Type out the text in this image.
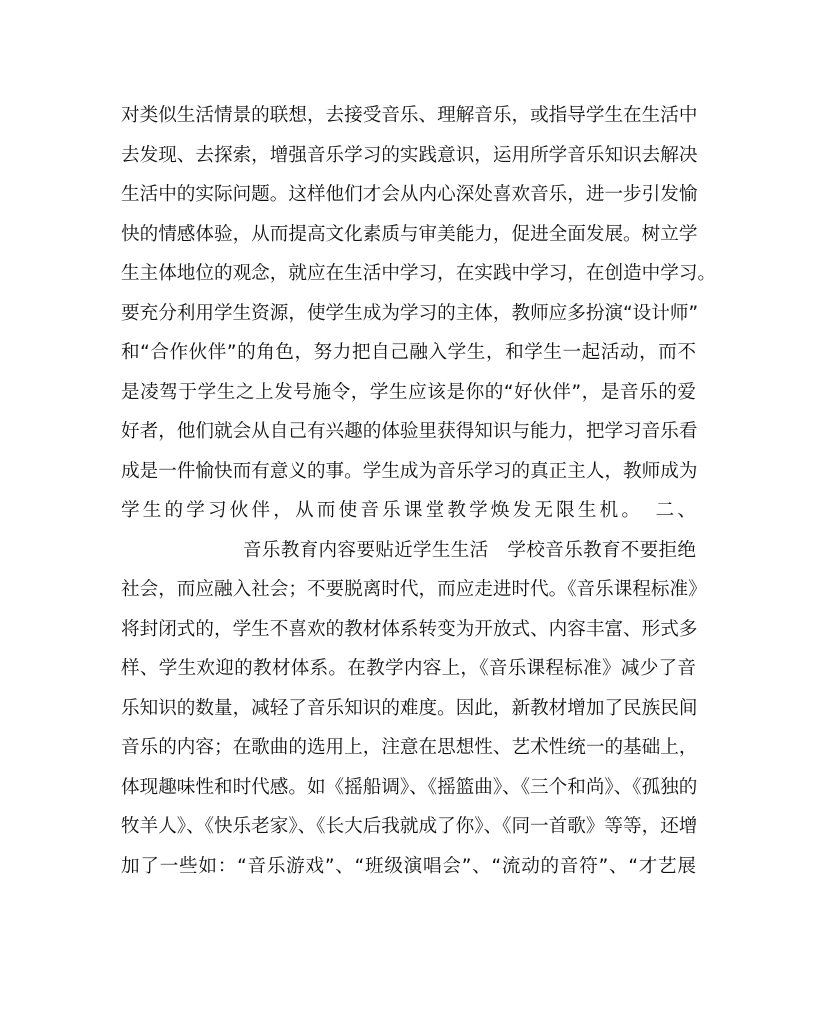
对类似生活情景的联想，去接受音乐、理解音乐，或指导学生在生活中
去发现、去探索，增强音乐学习的实践意识，运用所学音乐知识去解决
生活中的实际问题。这样他们才会从内心深处喜欢音乐，进一步引发愉
快的情感体验，从而提高文化素质与审美能力，促进全面发展。树立学
生主体地位的观念，就应在生活中学习，在实践中学习，在创造中学习。
要充分利用学生资源，使学生成为学习的主体，教师应多扮演“设计师”
和“合作伙伴”的角色，努力把自己融入学生，和学生一起活动，而不
是凌驾于学生之上发号施令，学生应该是你的“好伙伴”，是音乐的爱
好者，他们就会从自己有兴趣的体验里获得知识与能力，把学习音乐看
成是一件愉快而有意义的事。学生成为音乐学习的真正主人，教师成为
学生的学习伙伴，从而使音乐课堂教学焕发无限生机。　二、
音乐教育内容要贴近学生生活　学校音乐教育不要拒绝
社会，而应融入社会；不要脱离时代，而应走进时代。《音乐课程标准》
将封闭式的，学生不喜欢的教材体系转变为开放式、内容丰富、形式多
样、学生欢迎的教材体系。在教学内容上，《音乐课程标准》减少了音
乐知识的数量，减轻了音乐知识的难度。因此，新教材增加了民族民间
音乐的内容；在歌曲的选用上，注意在思想性、艺术性统一的基础上，
体现趣味性和时代感。如《摇船调》、《摇篮曲》、《三个和尚》、《孤独的
牧羊人》、《快乐老家》、《长大后我就成了你》、《同一首歌》等等，还增
加了一些如：“音乐游戏”、“班级演唱会”、“流动的音符”、“才艺展
